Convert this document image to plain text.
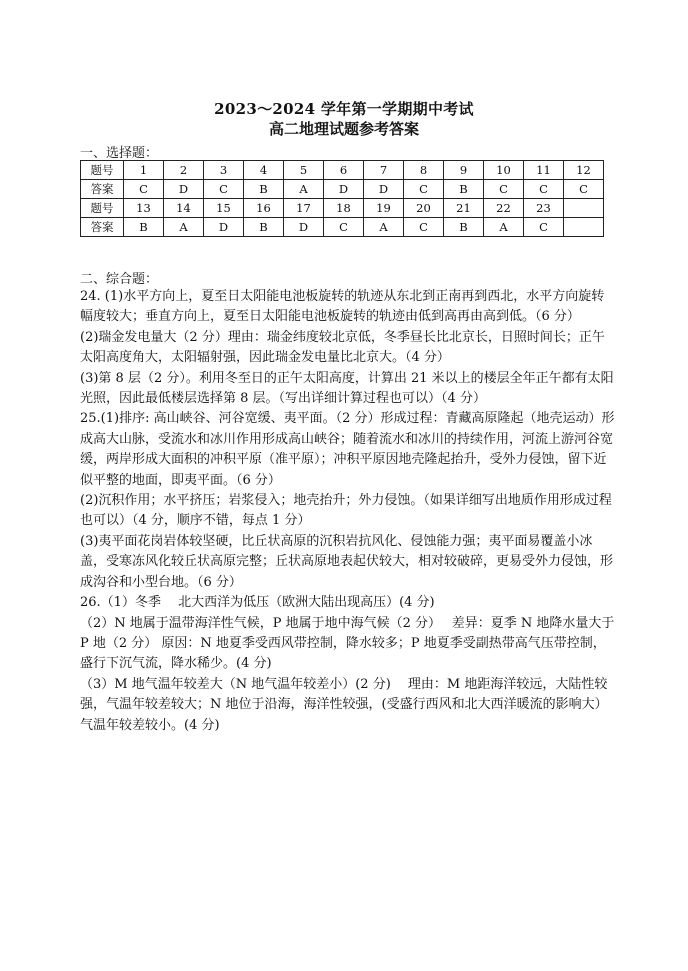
2023～2024 学年第一学期期中考试
高二地理试题参考答案
一、选择题：
题号	1	2	3	4	5	6	7	8	9	10	11	12
答案	C	D	C	B	A	D	D	C	B	C	C	C
题号	13	14	15	16	17	18	19	20	21	22	23	
答案	B	A	D	B	D	C	A	C	B	A	C	
二、综合题：

24. (1)水平方向上，夏至日太阳能电池板旋转的轨迹从东北到正南再到西北，水平方向旋转幅度较大；垂直方向上，夏至日太阳能电池板旋转的轨迹由低到高再由高到低。（6 分）

(2)瑞金发电量大（2 分）理由：瑞金纬度较北京低，冬季昼长比北京长，日照时间长；正午太阳高度角大，太阳辐射强，因此瑞金发电量比北京大。（4 分）

(3)第 8 层（2 分）。利用冬至日的正午太阳高度，计算出 21 米以上的楼层全年正午都有太阳光照，因此最低楼层选择第 8 层。（写出详细计算过程也可以）（4 分）

25.(1)排序: 高山峡谷、河谷宽缓、夷平面。（2 分）形成过程：青藏高原隆起（地壳运动）形成高大山脉，受流水和冰川作用形成高山峡谷；随着流水和冰川的持续作用，河流上游河谷宽缓，两岸形成大面积的冲积平原（准平原）；冲积平原因地壳隆起抬升，受外力侵蚀，留下近似平整的地面，即夷平面。（6 分）

(2)沉积作用；水平挤压；岩浆侵入；地壳抬升；外力侵蚀。（如果详细写出地质作用形成过程也可以）（4 分，顺序不错，每点 1 分）

(3)夷平面花岗岩体较坚硬，比丘状高原的沉积岩抗风化、侵蚀能力强；夷平面易覆盖小冰盖，受寒冻风化较丘状高原完整；丘状高原地表起伏较大，相对较破碎，更易受外力侵蚀，形成沟谷和小型台地。（6 分）

26.（1）冬季　 北大西洋为低压（欧洲大陆出现高压）(4 分)

（2）N 地属于温带海洋性气候，P 地属于地中海气候（2 分）　 差异：夏季 N 地降水量大于 P 地（2 分） 原因：N 地夏季受西风带控制，降水较多；P 地夏季受副热带高气压带控制，盛行下沉气流，降水稀少。(4 分)

（3）M 地气温年较差大（N 地气温年较差小）(2 分)　 理由：M 地距海洋较远，大陆性较强，气温年较差较大；N 地位于沿海，海洋性较强，(受盛行西风和北大西洋暖流的影响大）气温年较差较小。(4 分)
